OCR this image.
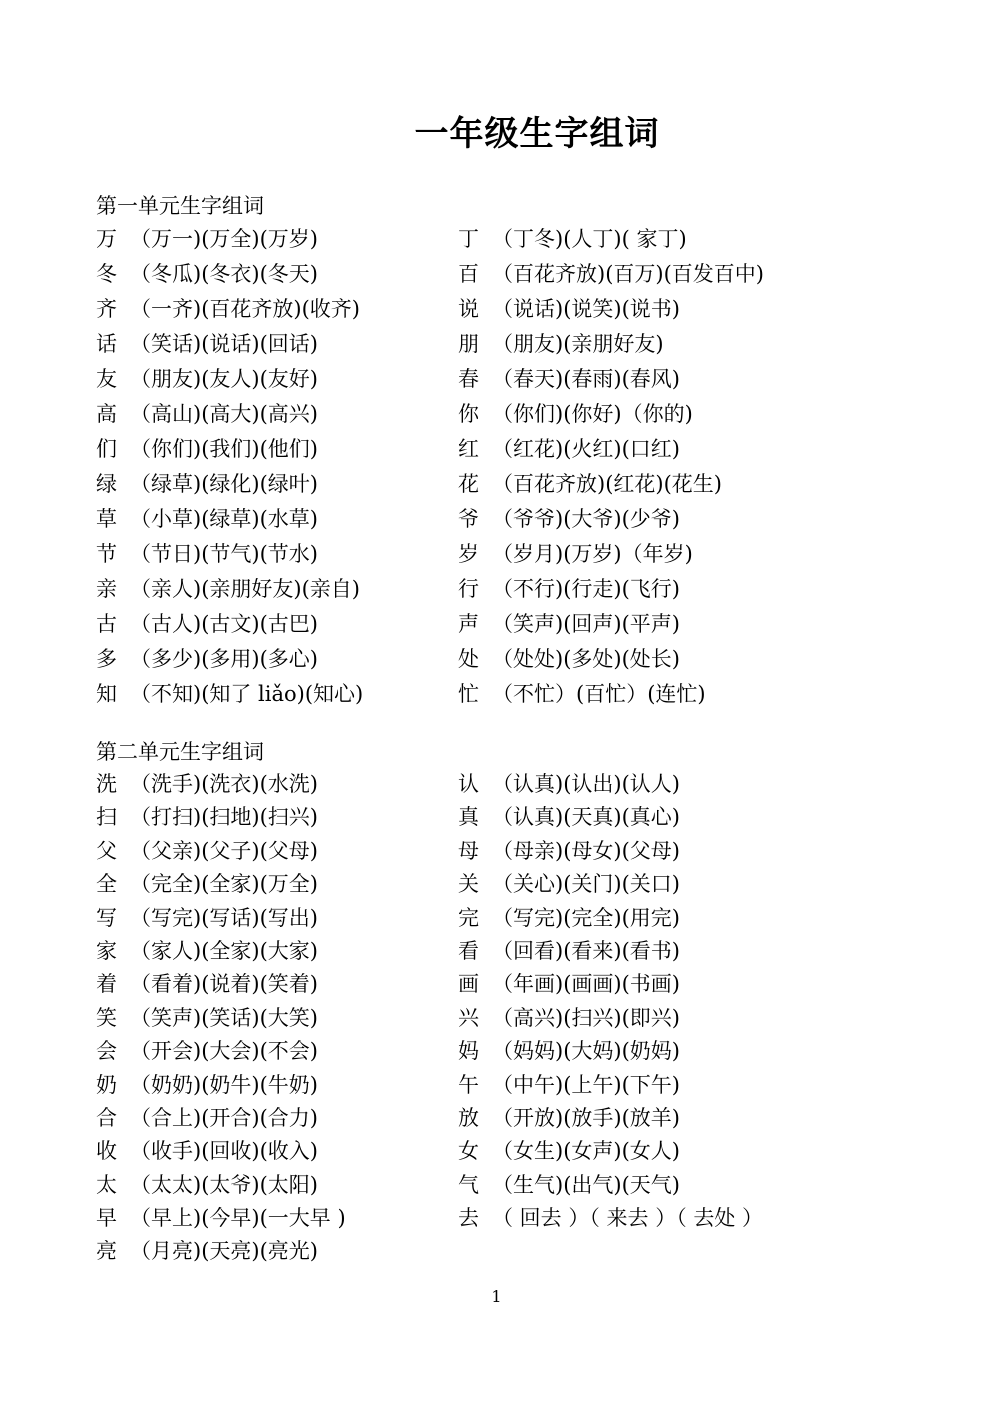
一年级生字组词
第一单元生字组词
万 （万一)(万全)(万岁)	丁 （丁冬)(人丁)( 家丁)
冬 （冬瓜)(冬衣)(冬天)	百 （百花齐放)(百万)(百发百中)
齐 （一齐)(百花齐放)(收齐)	说 （说话)(说笑)(说书)
话 （笑话)(说话)(回话)	朋 （朋友)(亲朋好友)
友 （朋友)(友人)(友好)	春 （春天)(春雨)(春风)
高 （高山)(高大)(高兴)	你 （你们)(你好)（你的)
们 （你们)(我们)(他们)	红 （红花)(火红)(口红)
绿 （绿草)(绿化)(绿叶)	花 （百花齐放)(红花)(花生)
草 （小草)(绿草)(水草)	爷 （爷爷)(大爷)(少爷)
节 （节日)(节气)(节水)	岁 （岁月)(万岁)（年岁)
亲 （亲人)(亲朋好友)(亲自)	行 （不行)(行走)(飞行)
古 （古人)(古文)(古巴)	声 （笑声)(回声)(平声)
多 （多少)(多用)(多心)	处 （处处)(多处)(处长)
知 （不知)(知了 liǎo)(知心)	忙 （不忙）(百忙）(连忙)
第二单元生字组词
洗 （洗手)(洗衣)(水洗)	认 （认真)(认出)(认人)
扫 （打扫)(扫地)(扫兴)	真 （认真)(天真)(真心)
父 （父亲)(父子)(父母)	母 （母亲)(母女)(父母)
全 （完全)(全家)(万全)	关 （关心)(关门)(关口)
写 （写完)(写话)(写出)	完 （写完)(完全)(用完)
家 （家人)(全家)(大家)	看 （回看)(看来)(看书)
着 （看着)(说着)(笑着)	画 （年画)(画画)(书画)
笑 （笑声)(笑话)(大笑)	兴 （高兴)(扫兴)(即兴)
会 （开会)(大会)(不会)	妈 （妈妈)(大妈)(奶妈)
奶 （奶奶)(奶牛)(牛奶)	午 （中午)(上午)(下午)
合 （合上)(开合)(合力)	放 （开放)(放手)(放羊)
收 （收手)(回收)(收入)	女 （女生)(女声)(女人)
太 （太太)(太爷)(太阳)	气 （生气)(出气)(天气)
早 （早上)(今早)(一大早 )	去 （ 回去 ）（ 来去 ）（ 去处 ）
亮 （月亮)(天亮)(亮光)
1
